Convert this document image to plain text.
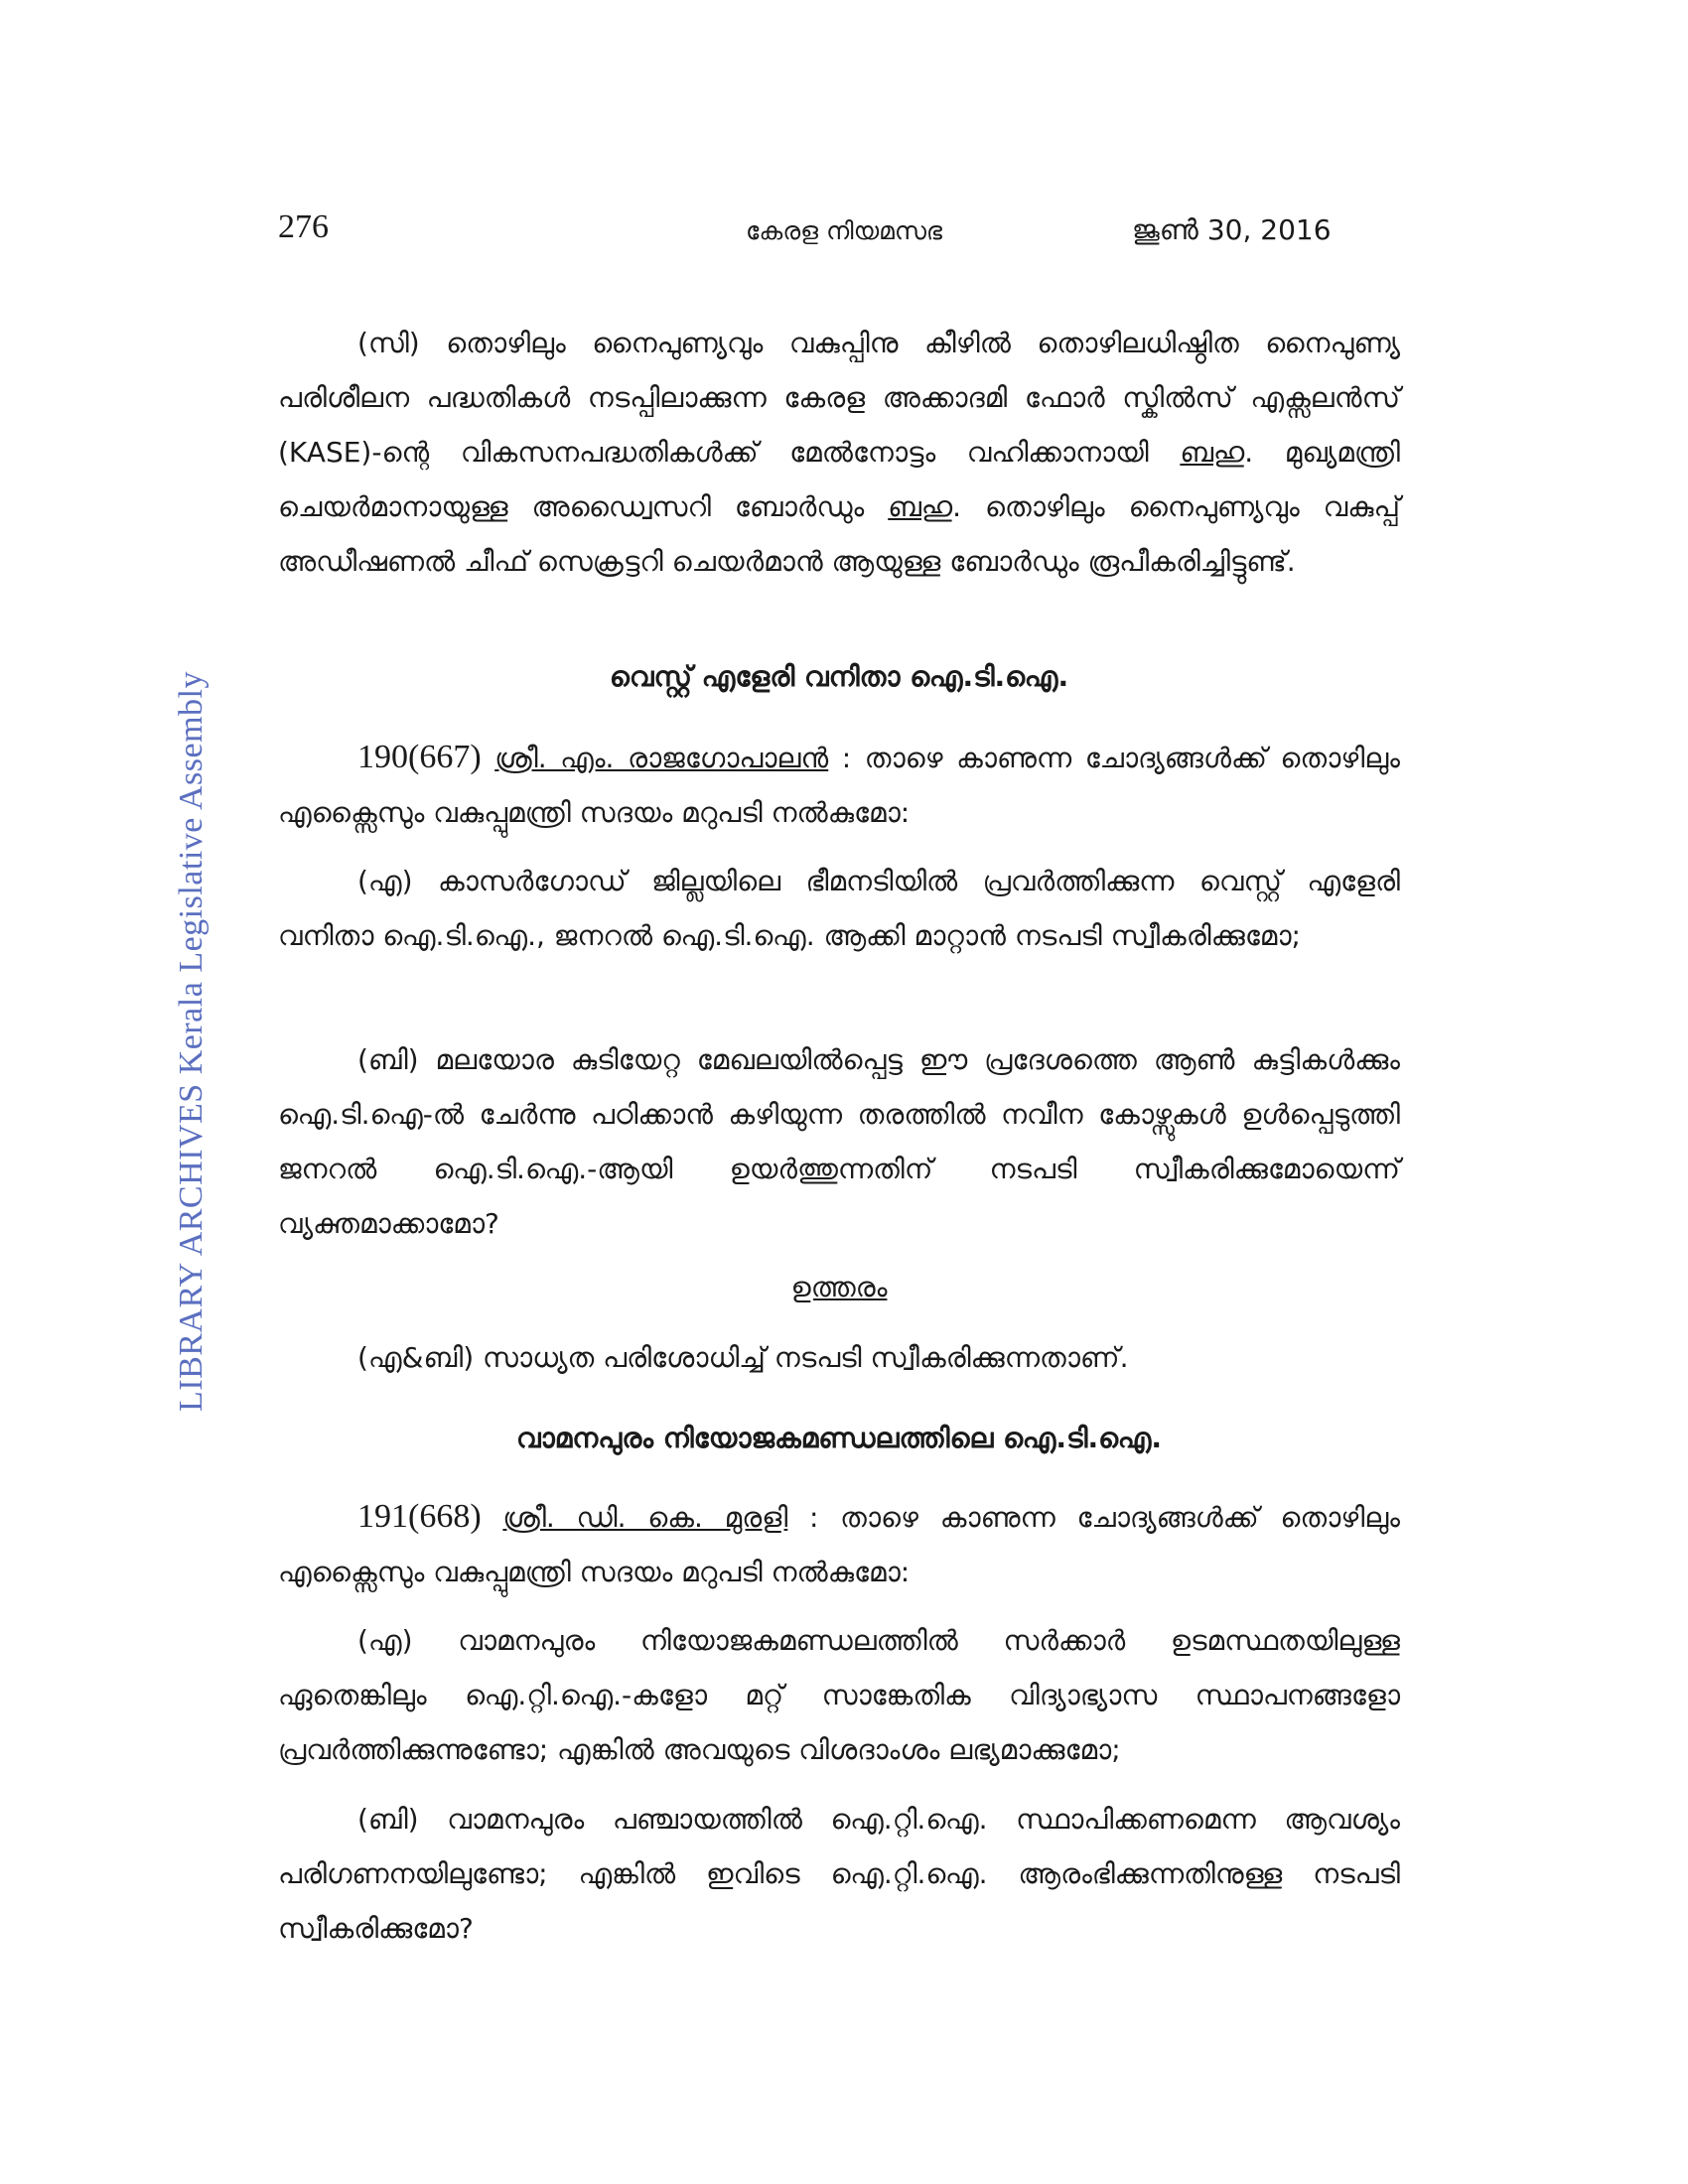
276	കേരള നിയമസഭ	ജൂൺ 30, 2016
LIBRARY ARCHIVES Kerala Legislative Assembly

(സി) തൊഴിലും നൈപുണ്യവും വകുപ്പിനു കീഴിൽ തൊഴിലധിഷ്ഠിത നൈപുണ്യ പരിശീലന പദ്ധതികൾ നടപ്പിലാക്കുന്ന കേരള അക്കാദമി ഫോർ സ്കിൽസ് എക്സലൻസ് (KASE)-ന്റെ വികസനപദ്ധതികൾക്ക് മേൽനോട്ടം വഹിക്കാനായി ബഹു. മുഖ്യമന്ത്രി ചെയർമാനായുള്ള അഡ്വൈസറി ബോർഡും ബഹു. തൊഴിലും നൈപുണ്യവും വകുപ്പ് അഡീഷണൽ ചീഫ് സെക്രട്ടറി ചെയർമാൻ ആയുള്ള ബോർഡും രൂപീകരിച്ചിട്ടുണ്ട്.

വെസ്റ്റ് എളേരി വനിതാ ഐ.ടി.ഐ.

190(667) ശ്രീ. എം. രാജഗോപാലൻ : താഴെ കാണുന്ന ചോദ്യങ്ങൾക്ക് തൊഴിലും എക്സൈസും വകുപ്പുമന്ത്രി സദയം മറുപടി നൽകുമോ:

(എ) കാസർഗോഡ് ജില്ലയിലെ ഭീമനടിയിൽ പ്രവർത്തിക്കുന്ന വെസ്റ്റ് എളേരി വനിതാ ഐ.ടി.ഐ., ജനറൽ ഐ.ടി.ഐ. ആക്കി മാറ്റാൻ നടപടി സ്വീകരിക്കുമോ;

(ബി) മലയോര കുടിയേറ്റ മേഖലയിൽപ്പെട്ട ഈ പ്രദേശത്തെ ആൺ കുട്ടികൾക്കും ഐ.ടി.ഐ-ൽ ചേർന്നു പഠിക്കാൻ കഴിയുന്ന തരത്തിൽ നവീന കോഴ്സുകൾ ഉൾപ്പെടുത്തി ജനറൽ ഐ.ടി.ഐ.-ആയി ഉയർത്തുന്നതിന് നടപടി സ്വീകരിക്കുമോയെന്ന് വ്യക്തമാക്കാമോ?

ഉത്തരം

(എ&ബി) സാധ്യത പരിശോധിച്ച് നടപടി സ്വീകരിക്കുന്നതാണ്.

വാമനപുരം നിയോജകമണ്ഡലത്തിലെ ഐ.ടി.ഐ.

191(668) ശ്രീ. ഡി. കെ. മുരളി : താഴെ കാണുന്ന ചോദ്യങ്ങൾക്ക് തൊഴിലും എക്സൈസും വകുപ്പുമന്ത്രി സദയം മറുപടി നൽകുമോ:

(എ) വാമനപുരം നിയോജകമണ്ഡലത്തിൽ സർക്കാർ ഉടമസ്ഥതയിലുള്ള ഏതെങ്കിലും ഐ.റ്റി.ഐ.-കളോ മറ്റ് സാങ്കേതിക വിദ്യാഭ്യാസ സ്ഥാപനങ്ങളോ പ്രവർത്തിക്കുന്നുണ്ടോ; എങ്കിൽ അവയുടെ വിശദാംശം ലഭ്യമാക്കുമോ;

(ബി) വാമനപുരം പഞ്ചായത്തിൽ ഐ.റ്റി.ഐ. സ്ഥാപിക്കണമെന്ന ആവശ്യം പരിഗണനയിലുണ്ടോ; എങ്കിൽ ഇവിടെ ഐ.റ്റി.ഐ. ആരംഭിക്കുന്നതിനുള്ള നടപടി സ്വീകരിക്കുമോ?
